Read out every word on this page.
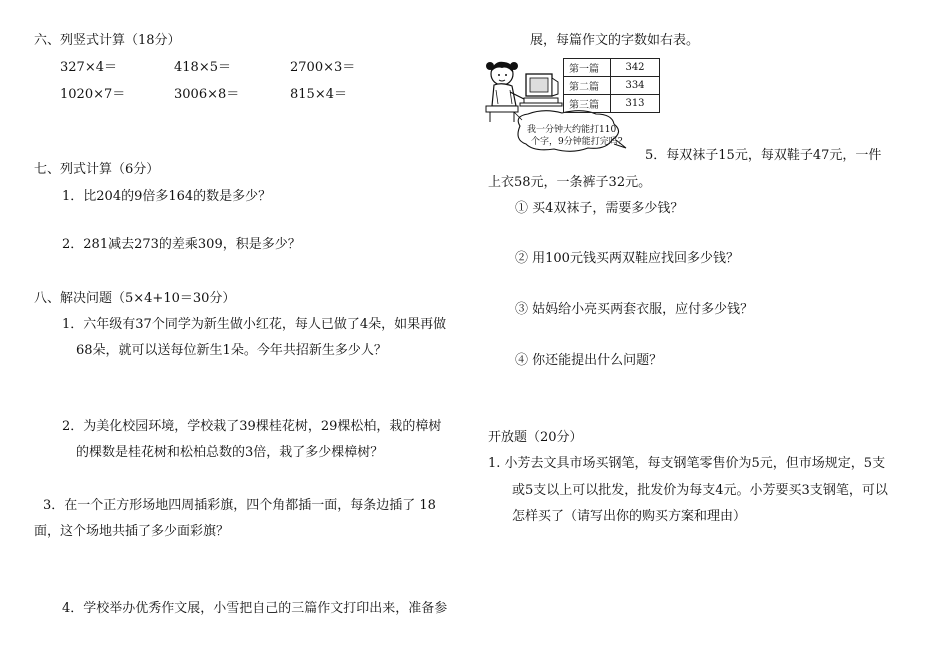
六、列竖式计算（18分）
327×4＝	418×5＝	2700×3＝
1020×7＝	3006×8＝	815×4＝
七、列式计算（6分）
1．比204的9倍多164的数是多少？
2．281减去273的差乘309，积是多少？
八、解决问题（5×4+10＝30分）
1．六年级有37个同学为新生做小红花，每人已做了4朵，如果再做
68朵，就可以送每位新生1朵。今年共招新生多少人？
2．为美化校园环境，学校栽了39棵桂花树，29棵松柏，栽的樟树
的棵数是桂花树和松柏总数的3倍，栽了多少棵樟树？
3．在一个正方形场地四周插彩旗，四个角都插一面，每条边插了 18
面，这个场地共插了多少面彩旗？
4．学校举办优秀作文展，小雪把自己的三篇作文打印出来，准备参
展，每篇作文的字数如右表。
我一分钟大约能打110
个字，9分钟能打完吗?
第一篇	342
第二篇	334
第三篇	313
5．每双袜子15元，每双鞋子47元，一件
上衣58元，一条裤子32元。
① 买4双袜子，需要多少钱？
② 用100元钱买两双鞋应找回多少钱？
③ 姑妈给小亮买两套衣服，应付多少钱？
④ 你还能提出什么问题？
开放题（20分）
1. 小芳去文具市场买钢笔，每支钢笔零售价为5元，但市场规定，5支
或5支以上可以批发，批发价为每支4元。小芳要买3支钢笔，可以
怎样买了（请写出你的购买方案和理由）
